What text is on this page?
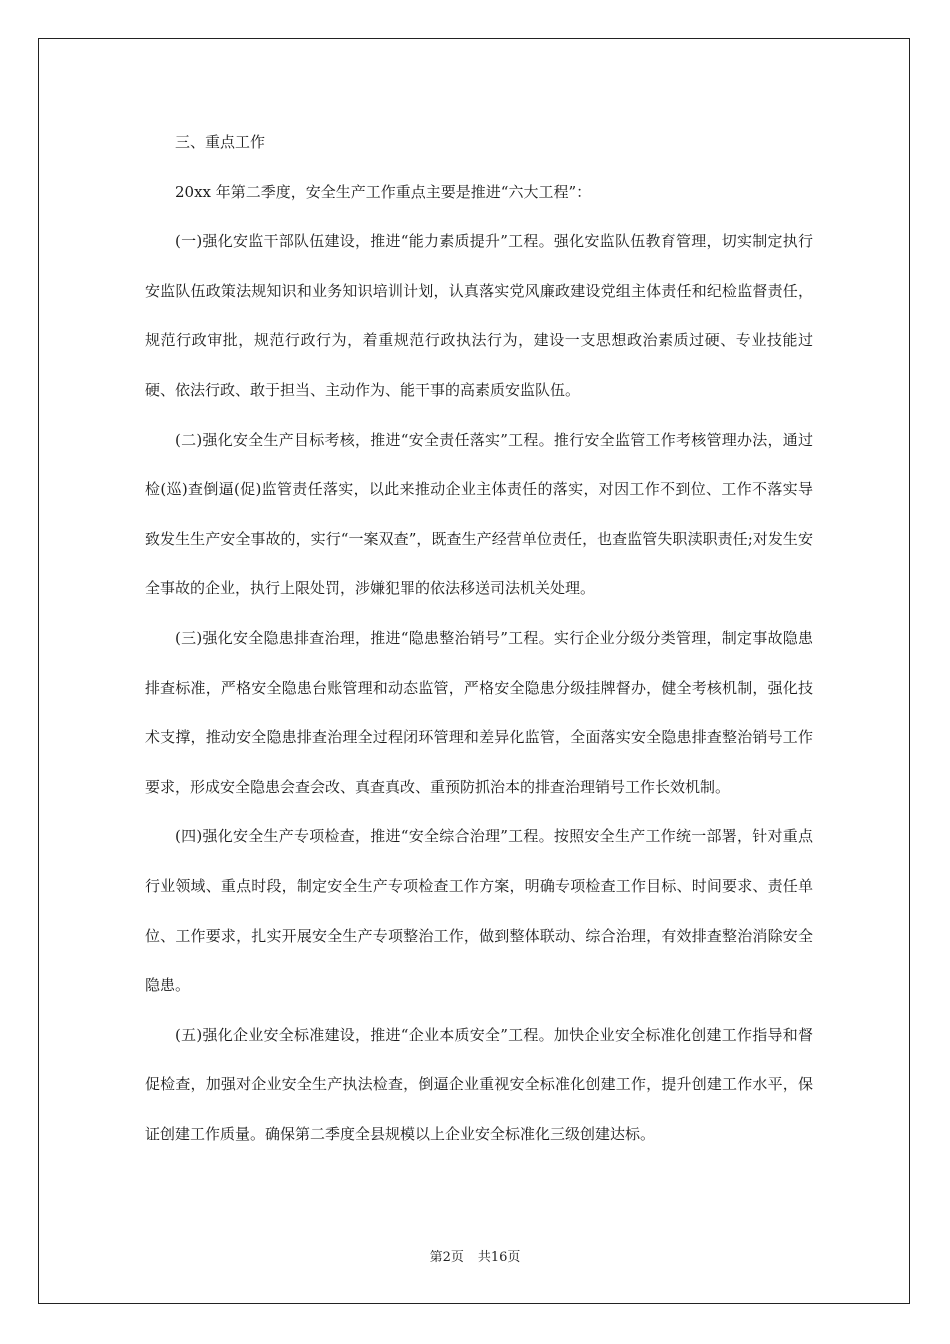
三、重点工作

20xx 年第二季度，安全生产工作重点主要是推进“六大工程”：

(一)强化安监干部队伍建设，推进“能力素质提升”工程。强化安监队伍教育管理，切实制定执行安监队伍政策法规知识和业务知识培训计划，认真落实党风廉政建设党组主体责任和纪检监督责任，规范行政审批，规范行政行为，着重规范行政执法行为，建设一支思想政治素质过硬、专业技能过硬、依法行政、敢于担当、主动作为、能干事的高素质安监队伍。

(二)强化安全生产目标考核，推进“安全责任落实”工程。推行安全监管工作考核管理办法，通过检(巡)查倒逼(促)监管责任落实，以此来推动企业主体责任的落实，对因工作不到位、工作不落实导致发生生产安全事故的，实行“一案双查”，既查生产经营单位责任，也查监管失职渎职责任;对发生安全事故的企业，执行上限处罚，涉嫌犯罪的依法移送司法机关处理。

(三)强化安全隐患排查治理，推进“隐患整治销号”工程。实行企业分级分类管理，制定事故隐患排查标准，严格安全隐患台账管理和动态监管，严格安全隐患分级挂牌督办，健全考核机制，强化技术支撑，推动安全隐患排查治理全过程闭环管理和差异化监管，全面落实安全隐患排查整治销号工作要求，形成安全隐患会查会改、真查真改、重预防抓治本的排查治理销号工作长效机制。

(四)强化安全生产专项检查，推进“安全综合治理”工程。按照安全生产工作统一部署，针对重点行业领域、重点时段，制定安全生产专项检查工作方案，明确专项检查工作目标、时间要求、责任单位、工作要求，扎实开展安全生产专项整治工作，做到整体联动、综合治理，有效排查整治消除安全隐患。

(五)强化企业安全标准建设，推进“企业本质安全”工程。加快企业安全标准化创建工作指导和督促检查，加强对企业安全生产执法检查，倒逼企业重视安全标准化创建工作，提升创建工作水平，保证创建工作质量。确保第二季度全县规模以上企业安全标准化三级创建达标。

第2页 共16页
